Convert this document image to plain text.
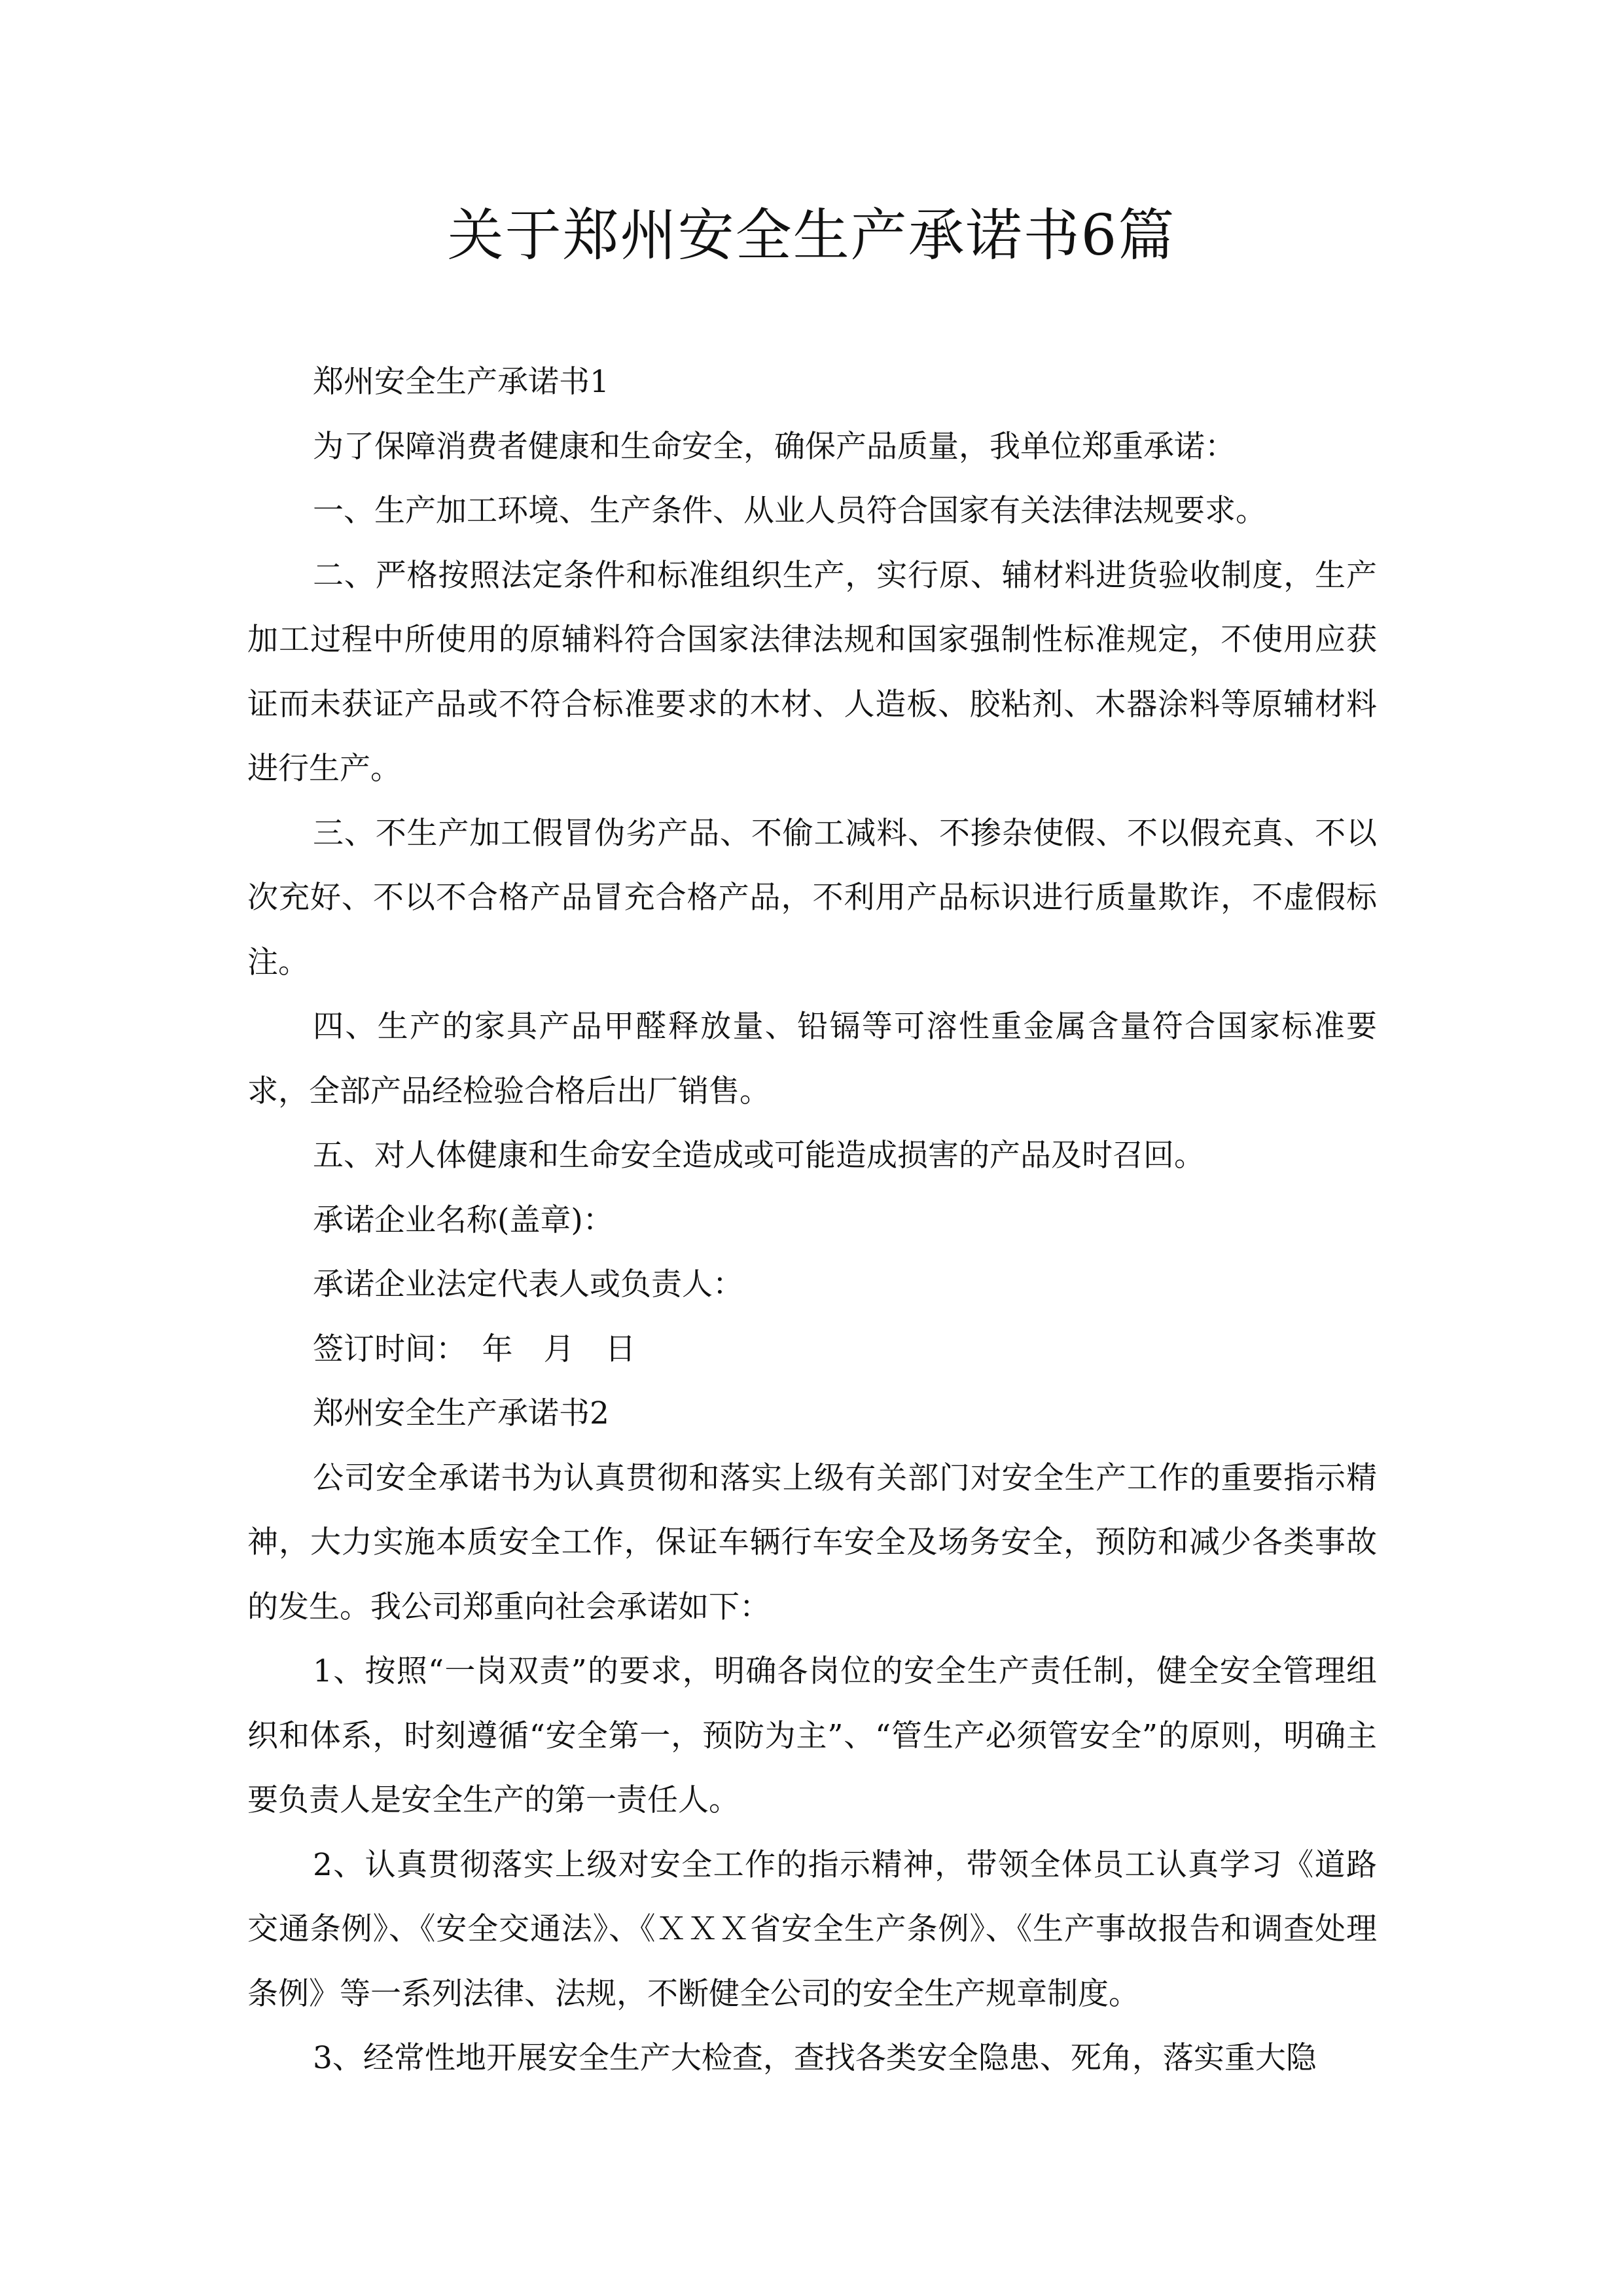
关于郑州安全生产承诺书6篇

郑州安全生产承诺书1

为了保障消费者健康和生命安全，确保产品质量，我单位郑重承诺：

一、生产加工环境、生产条件、从业人员符合国家有关法律法规要求。

二、严格按照法定条件和标准组织生产，实行原、辅材料进货验收制度，生产加工过程中所使用的原辅料符合国家法律法规和国家强制性标准规定，不使用应获证而未获证产品或不符合标准要求的木材、人造板、胶粘剂、木器涂料等原辅材料进行生产。

三、不生产加工假冒伪劣产品、不偷工减料、不掺杂使假、不以假充真、不以次充好、不以不合格产品冒充合格产品，不利用产品标识进行质量欺诈，不虚假标注。

四、生产的家具产品甲醛释放量、铅镉等可溶性重金属含量符合国家标准要求，全部产品经检验合格后出厂销售。

五、对人体健康和生命安全造成或可能造成损害的产品及时召回。

承诺企业名称(盖章)：

承诺企业法定代表人或负责人：

签订时间：　年　月　日

郑州安全生产承诺书2

公司安全承诺书为认真贯彻和落实上级有关部门对安全生产工作的重要指示精神，大力实施本质安全工作，保证车辆行车安全及场务安全，预防和减少各类事故的发生。我公司郑重向社会承诺如下：

1、按照“一岗双责”的要求，明确各岗位的安全生产责任制，健全安全管理组织和体系，时刻遵循“安全第一，预防为主”、“管生产必须管安全”的原则，明确主要负责人是安全生产的第一责任人。

2、认真贯彻落实上级对安全工作的指示精神，带领全体员工认真学习《道路交通条例》、《安全交通法》、《ＸＸＸ省安全生产条例》、《生产事故报告和调查处理条例》等一系列法律、法规，不断健全公司的安全生产规章制度。

3、经常性地开展安全生产大检查，查找各类安全隐患、死角，落实重大隐
